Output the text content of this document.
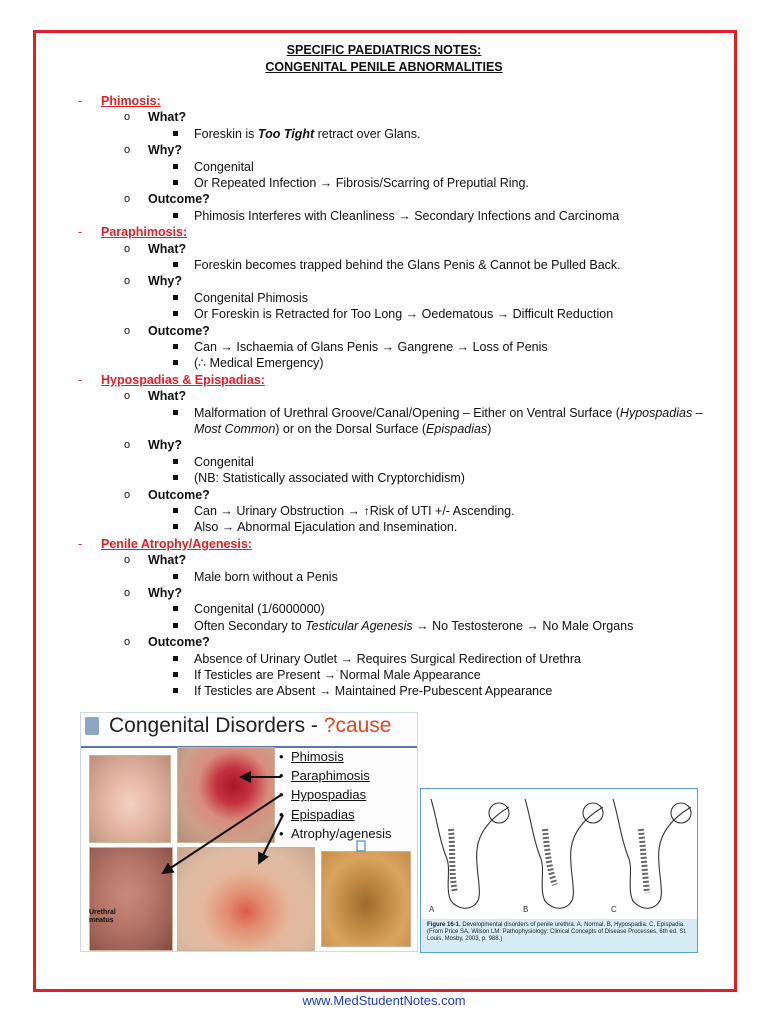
SPECIFIC PAEDIATRICS NOTES:
CONGENITAL PENILE ABNORMALITIES
- Phimosis:
o What?
Foreskin is Too Tight retract over Glans.
o Why?
Congenital
Or Repeated Infection → Fibrosis/Scarring of Preputial Ring.
o Outcome?
Phimosis Interferes with Cleanliness → Secondary Infections and Carcinoma
- Paraphimosis:
o What?
Foreskin becomes trapped behind the Glans Penis & Cannot be Pulled Back.
o Why?
Congenital Phimosis
Or Foreskin is Retracted for Too Long → Oedematous → Difficult Reduction
o Outcome?
Can → Ischaemia of Glans Penis → Gangrene → Loss of Penis
(∴ Medical Emergency)
- Hypospadias & Epispadias:
o What?
Malformation of Urethral Groove/Canal/Opening – Either on Ventral Surface (Hypospadias – Most Common) or on the Dorsal Surface (Epispadias)
o Why?
Congenital
(NB: Statistically associated with Cryptorchidism)
o Outcome?
Can → Urinary Obstruction → ↑Risk of UTI +/- Ascending.
Also → Abnormal Ejaculation and Insemination.
- Penile Atrophy/Agenesis:
o What?
Male born without a Penis
o Why?
Congenital (1/6000000)
Often Secondary to Testicular Agenesis → No Testosterone → No Male Organs
o Outcome?
Absence of Urinary Outlet → Requires Surgical Redirection of Urethra
If Testicles are Present → Normal Male Appearance
If Testicles are Absent → Maintained Pre-Pubescent Appearance
Congenital Disorders - ?cause
Urethral
meatus
• Phimosis
• Paraphimosis
• Hypospadias
• Epispadias
• Atrophy/agenesis
A	B	C
Figure 16-1. Developmental disorders of penile urethra. A, Normal. B, Hypospadia. C, Epispadia. (From Price SA, Wilson LM: Pathophysiology: Clinical Concepts of Disease Processes, 6th ed. St. Louis, Mosby, 2003, p. 988.)
www.MedStudentNotes.com
